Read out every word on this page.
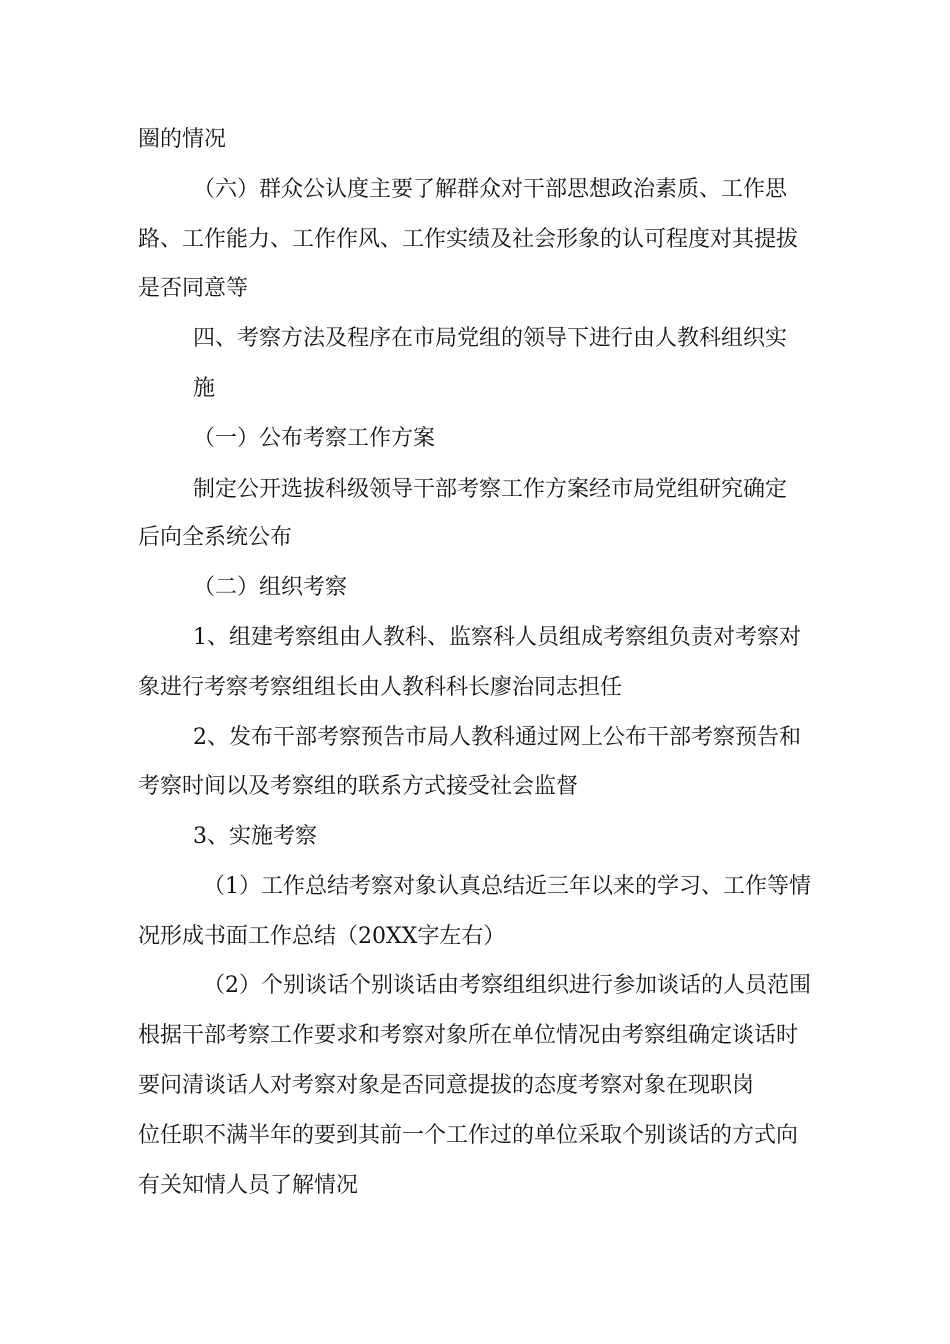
圈的情况
（六）群众公认度主要了解群众对干部思想政治素质、工作思
路、工作能力、工作作风、工作实绩及社会形象的认可程度对其提拔
是否同意等
四、考察方法及程序在市局党组的领导下进行由人教科组织实
施
（一）公布考察工作方案
制定公开选拔科级领导干部考察工作方案经市局党组研究确定
后向全系统公布
（二）组织考察
1、组建考察组由人教科、监察科人员组成考察组负责对考察对
象进行考察考察组组长由人教科科长廖治同志担任
2、发布干部考察预告市局人教科通过网上公布干部考察预告和
考察时间以及考察组的联系方式接受社会监督
3、实施考察
（1）工作总结考察对象认真总结近三年以来的学习、工作等情
况形成书面工作总结（20XX字左右）
（2）个别谈话个别谈话由考察组组织进行参加谈话的人员范围
根据干部考察工作要求和考察对象所在单位情况由考察组确定谈话时
要问清谈话人对考察对象是否同意提拔的态度考察对象在现职岗
位任职不满半年的要到其前一个工作过的单位采取个别谈话的方式向
有关知情人员了解情况
